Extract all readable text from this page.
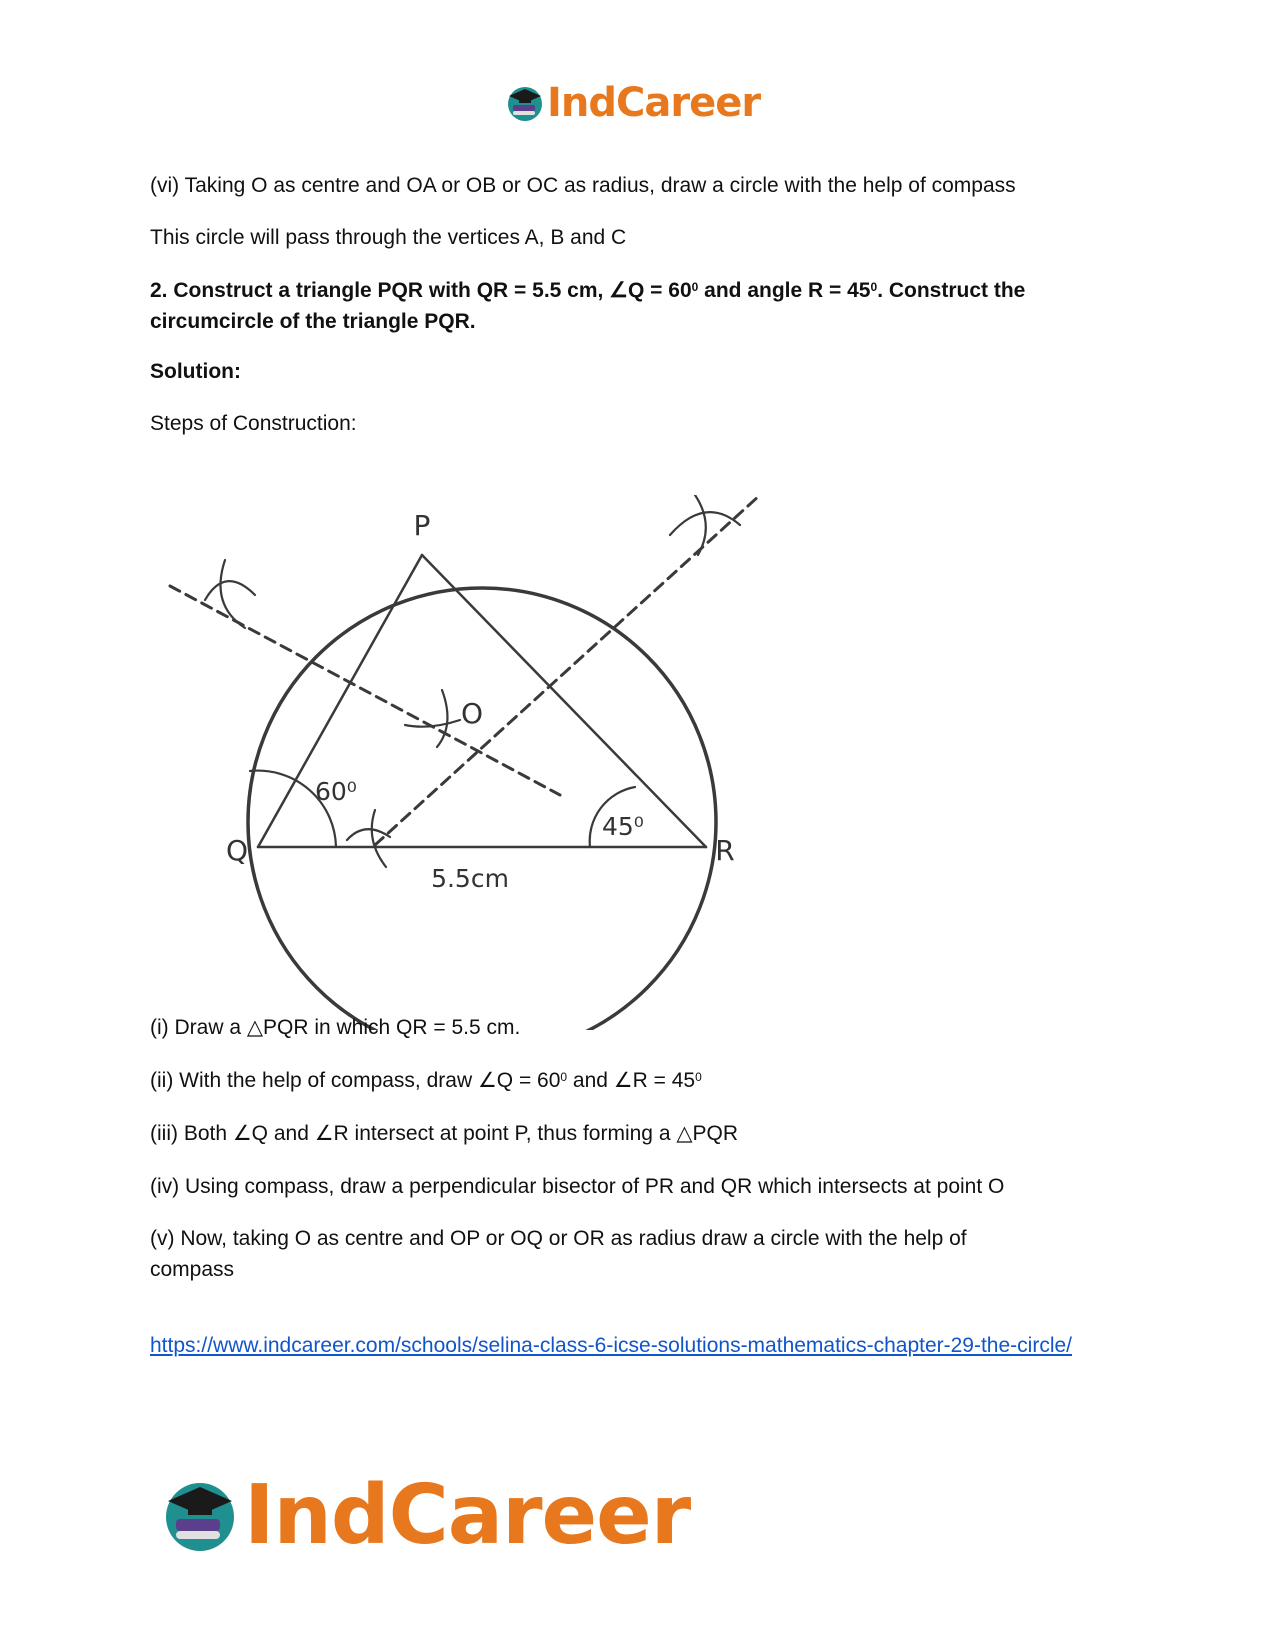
IndCareer

(vi) Taking O as centre and OA or OB or OC as radius, draw a circle with the help of compass

This circle will pass through the vertices A, B and C

2. Construct a triangle PQR with QR = 5.5 cm, ∠Q = $60^0$ and angle $R = 45^0$. Construct the circumcircle of the triangle PQR.

Solution:

Steps of Construction:

P
Q	R
O
60⁰
45⁰
5.5cm

(i) Draw a △PQR in which QR = 5.5 cm.

(ii) With the help of compass, draw ∠Q = $60^0$ and ∠R = $45^0$

(iii) Both ∠Q and ∠R intersect at point P, thus forming a △PQR

(iv) Using compass, draw a perpendicular bisector of PR and QR which intersects at point O

(v) Now, taking O as centre and OP or OQ or OR as radius draw a circle with the help of compass

https://www.indcareer.com/schools/selina-class-6-icse-solutions-mathematics-chapter-29-the-circle/
IndCareer
